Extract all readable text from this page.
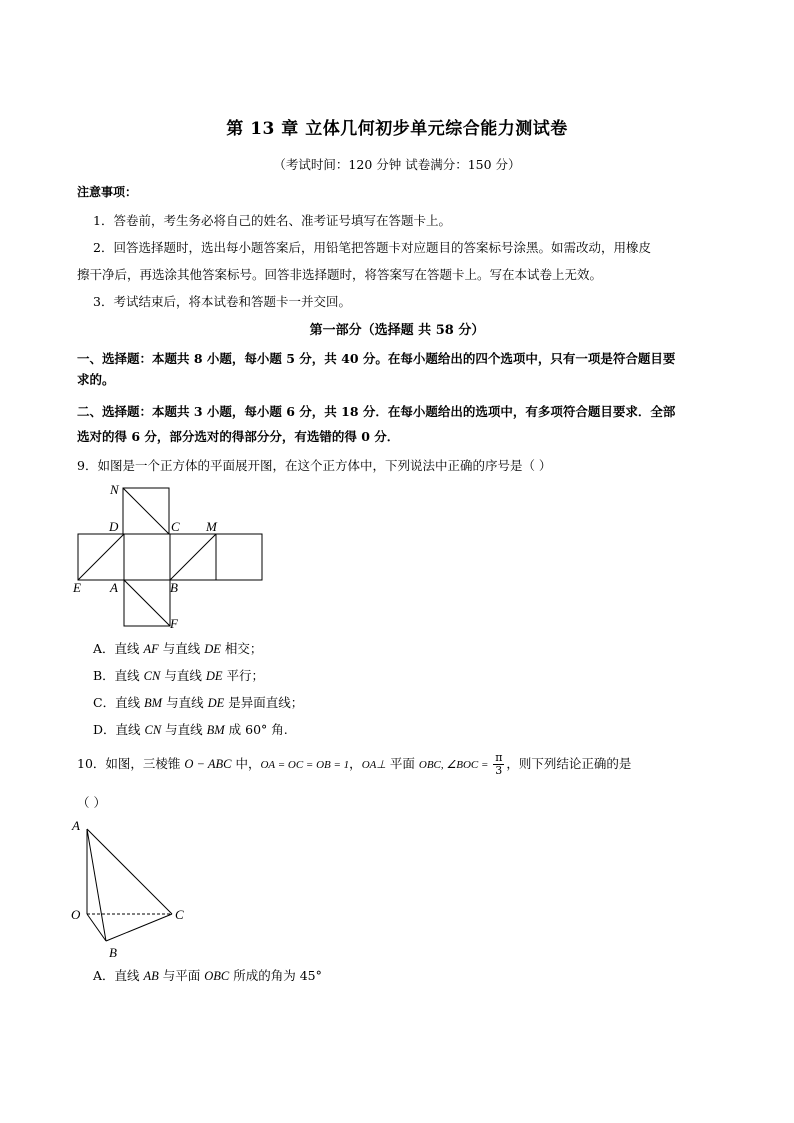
第 13 章 立体几何初步单元综合能力测试卷
（考试时间：120 分钟 试卷满分：150 分）
注意事项：
1．答卷前，考生务必将自己的姓名、准考证号填写在答题卡上。
2．回答选择题时，选出每小题答案后，用铅笔把答题卡对应题目的答案标号涂黑。如需改动，用橡皮
擦干净后，再选涂其他答案标号。回答非选择题时，将答案写在答题卡上。写在本试卷上无效。
3．考试结束后，将本试卷和答题卡一并交回。
第一部分（选择题 共 58 分）
一、选择题：本题共 8 小题，每小题 5 分，共 40 分。在每小题给出的四个选项中，只有一项是符合题目要
求的。
二、选择题：本题共 3 小题，每小题 6 分，共 18 分．在每小题给出的选项中，有多项符合题目要求．全部
选对的得 6 分，部分选对的得部分分，有选错的得 0 分．
9．如图是一个正方体的平面展开图，在这个正方体中，下列说法中正确的序号是（ ）
N
D	C M
E A	B
F
A．直线 AF 与直线 DE 相交；
B．直线 CN 与直线 DE 平行；
C．直线 BM 与直线 DE 是异面直线；
D．直线 CN 与直线 BM 成 60° 角.
10．如图，三棱锥 O − ABC 中，OA = OC = OB = 1，OA⊥ 平面 OBC, ∠BOC = $\frac{\pi}{3}$ ，则下列结论正确的是
（ ）
A
O	C
B
A．直线 AB 与平面 OBC 所成的角为 45°
